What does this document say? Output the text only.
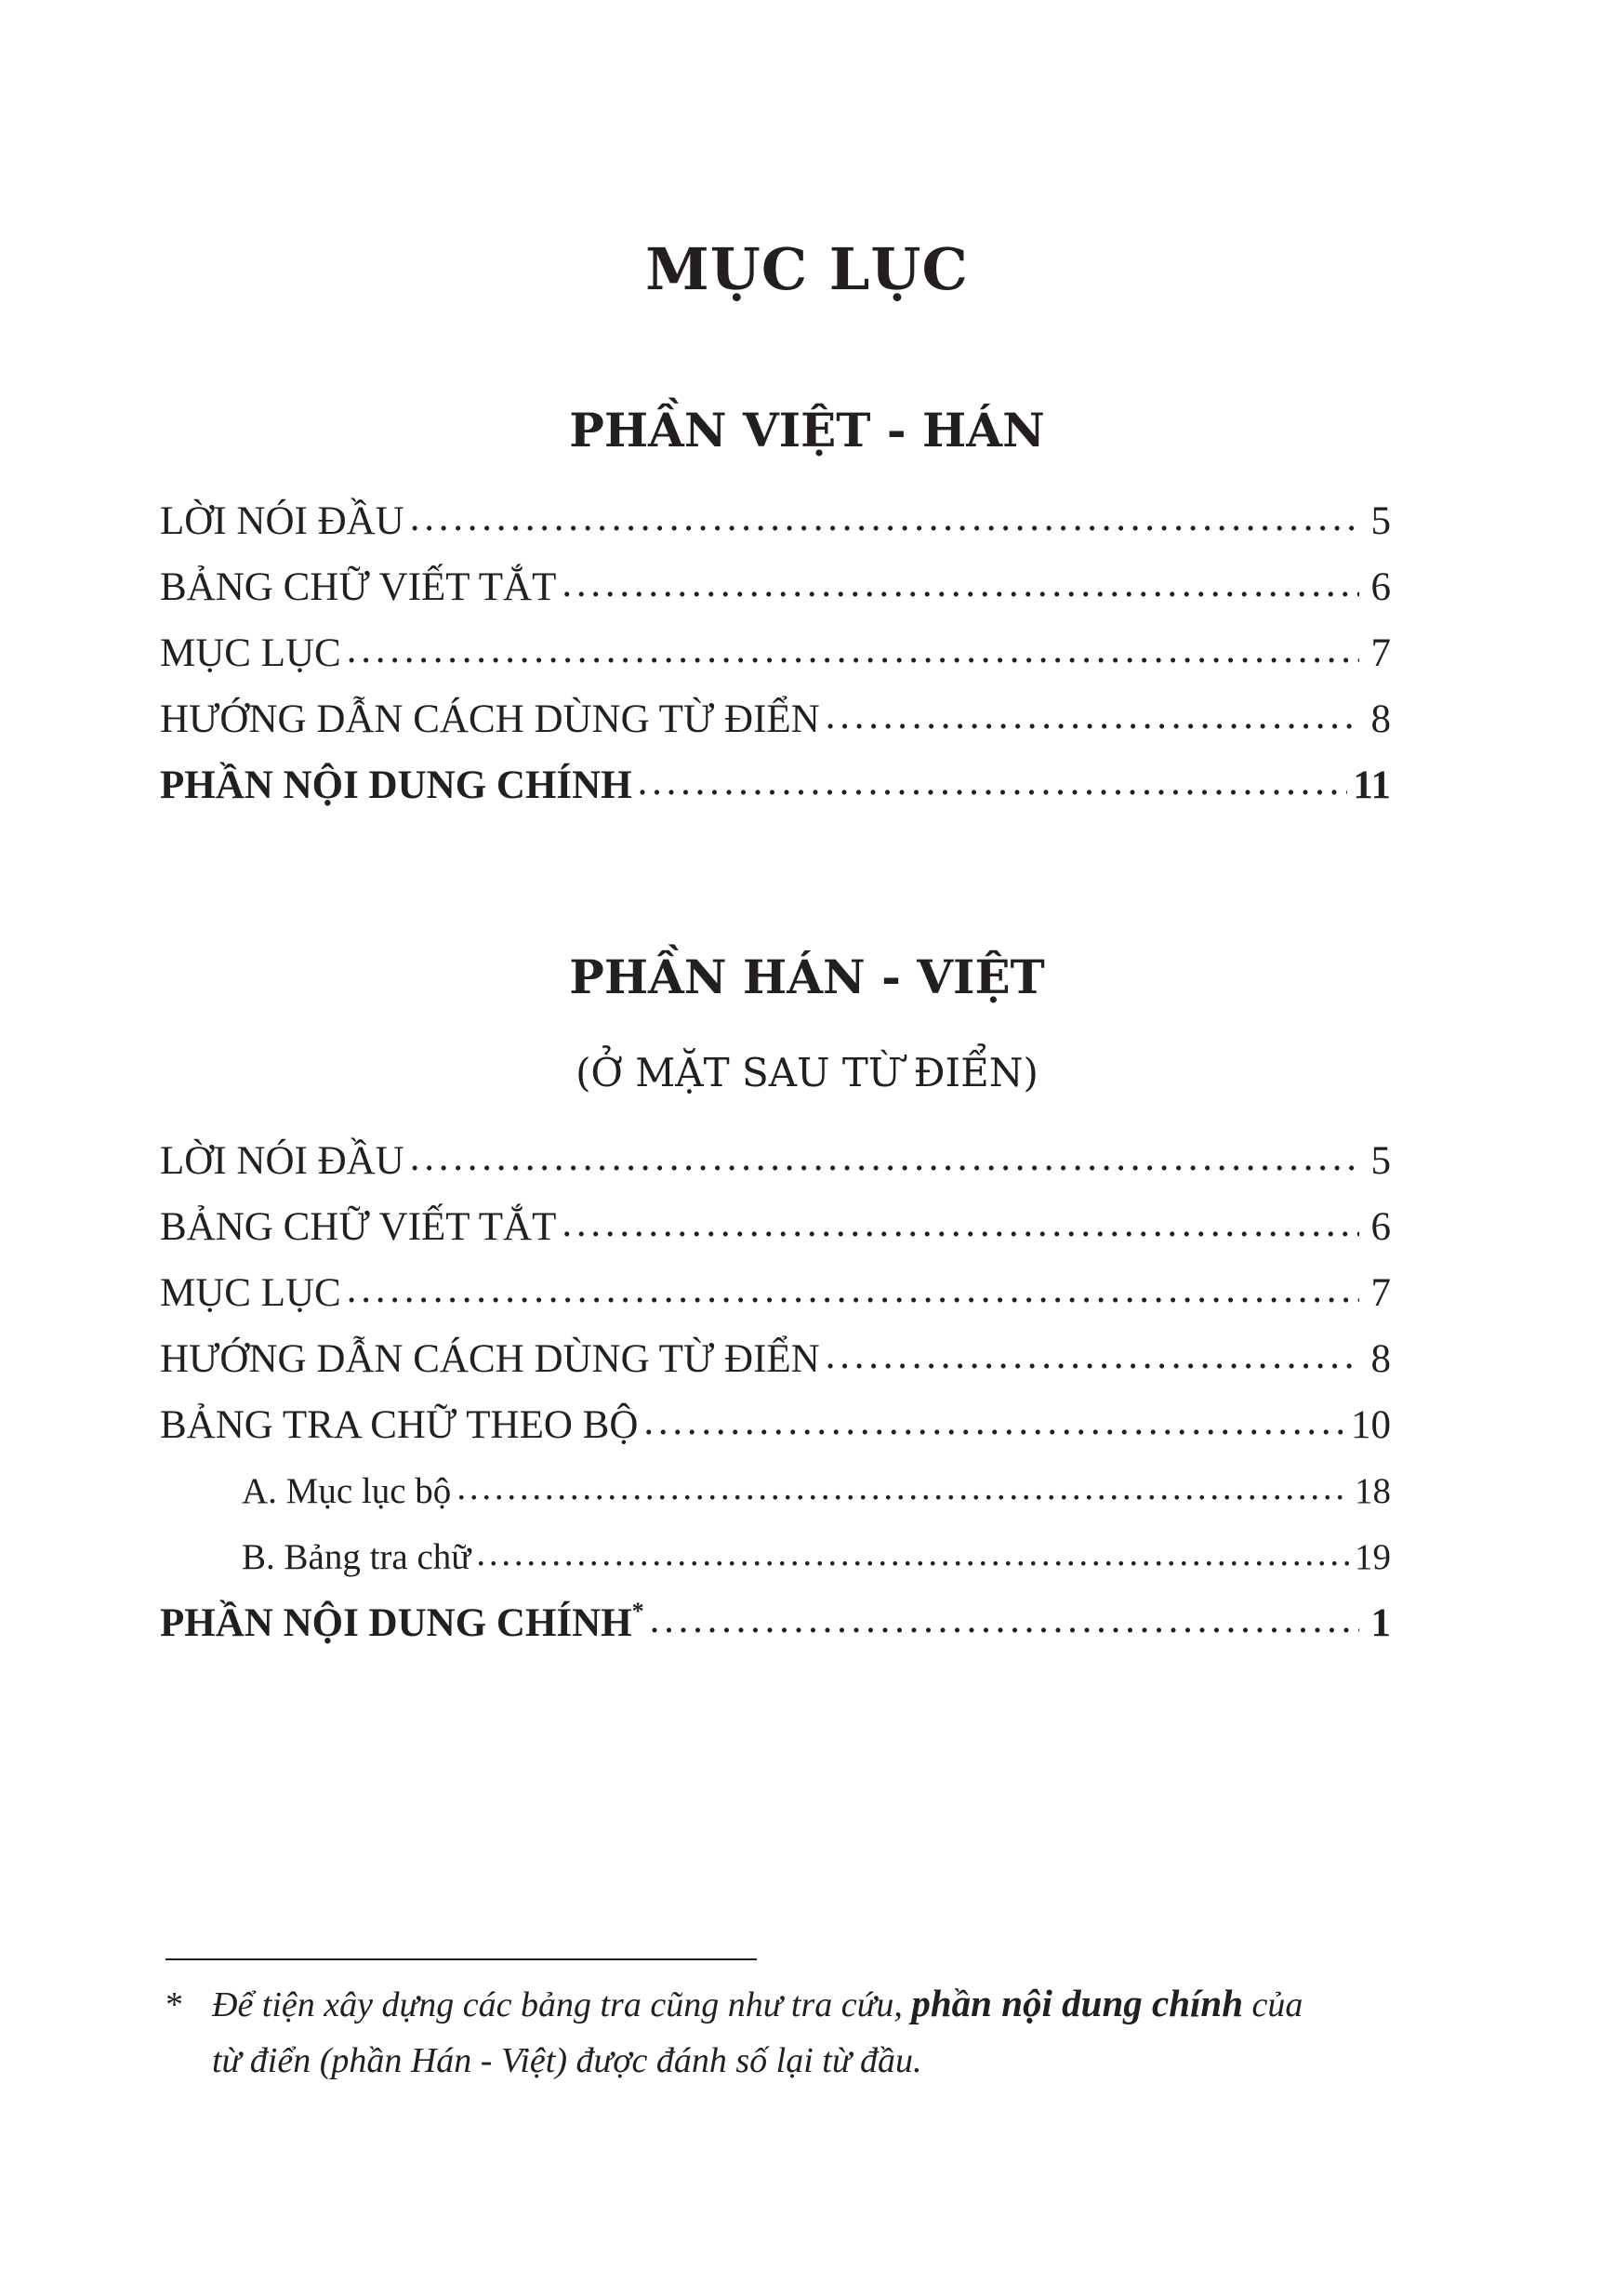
MỤC LỤC
PHẦN VIỆT - HÁN
LỜI NÓI ĐẦU . . .	5
BẢNG CHỮ VIẾT TẮT . . .	6
MỤC LỤC . . .	7
HƯỚNG DẪN CÁCH DÙNG TỪ ĐIỂN . . .	8
PHẦN NỘI DUNG CHÍNH . . .	11
PHẦN HÁN - VIỆT
(Ở MẶT SAU TỪ ĐIỂN)
LỜI NÓI ĐẦU . . .	5
BẢNG CHỮ VIẾT TẮT . . .	6
MỤC LỤC . . .	7
HƯỚNG DẪN CÁCH DÙNG TỪ ĐIỂN . . .	8
BẢNG TRA CHỮ THEO BỘ . . .	10
A. Mục lục bộ . . .	18
B. Bảng tra chữ . . .	19
PHẦN NỘI DUNG CHÍNH* . . .	1

* Để tiện xây dựng các bảng tra cũng như tra cứu, phần nội dung chính của
từ điển (phần Hán - Việt) được đánh số lại từ đầu.
